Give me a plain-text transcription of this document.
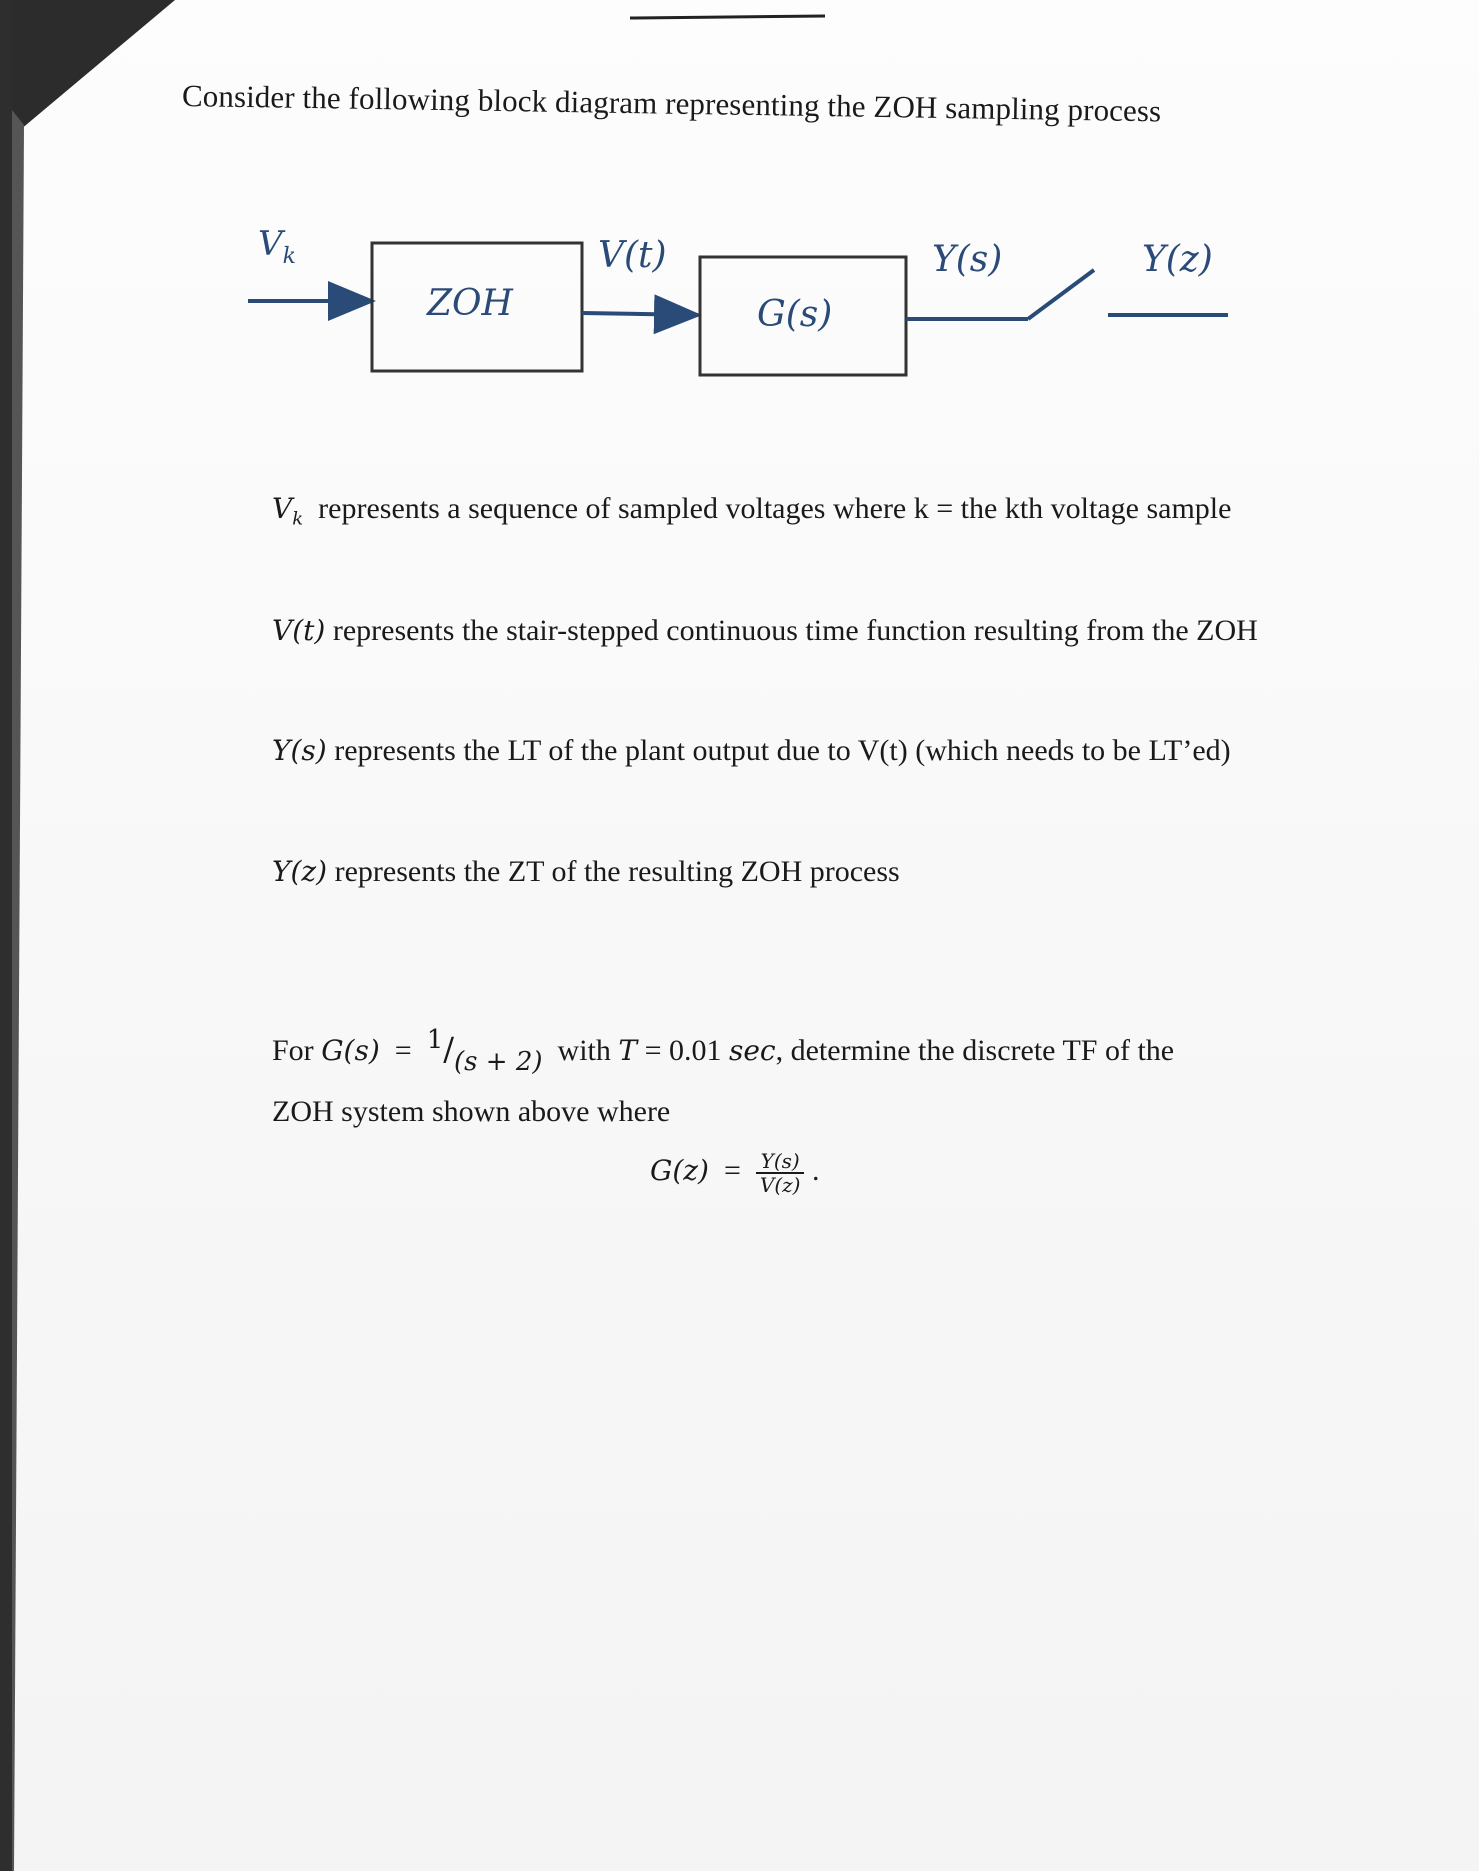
Consider the following block diagram representing the ZOH sampling process
$V_k$
ZOH
V(t)
G(s)
Y(s)	Y(z)
$V_k$ represents a sequence of sampled voltages where k = the kth voltage sample
V(t) represents the stair-stepped continuous time function resulting from the ZOH
Y(s) represents the LT of the plant output due to V(t) (which needs to be LT’ed)
Y(z) represents the ZT of the resulting ZOH process
For G(s) = 1/(s + 2) with T = 0.01 sec, determine the discrete TF of the
ZOH system shown above where
$G(z) = \frac{Y(s)}{V(z)}$ .
